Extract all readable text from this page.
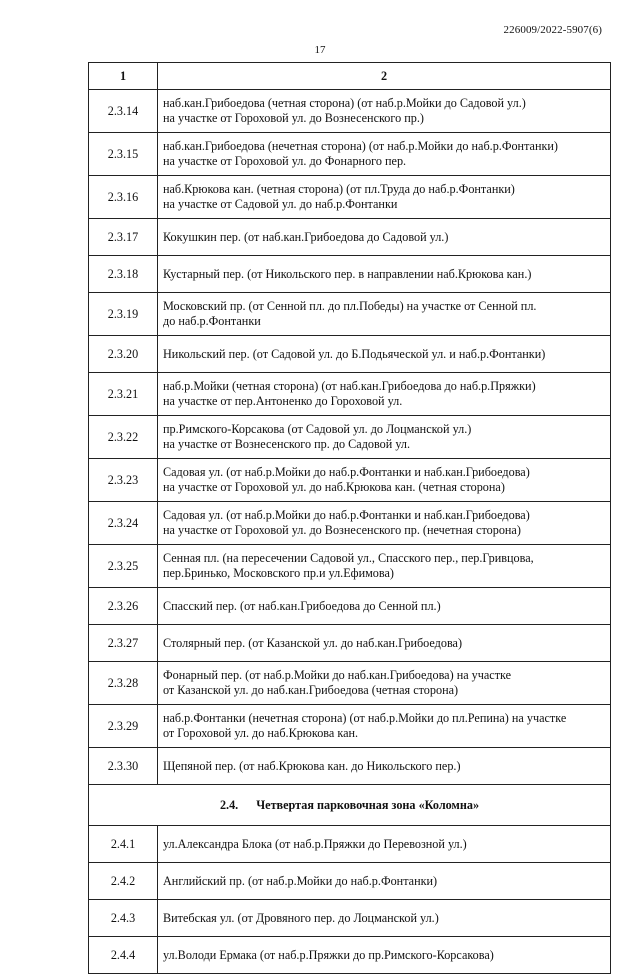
226009/2022-5907(6)
17
1	2
2.3.14	наб.кан.Грибоедова (четная сторона) (от наб.р.Мойки до Садовой ул.)
на участке от Гороховой ул. до Вознесенского пр.)

2.3.15	наб.кан.Грибоедова (нечетная сторона) (от наб.р.Мойки до наб.р.Фонтанки)
на участке от Гороховой ул. до Фонарного пер.

2.3.16	наб.Крюкова кан. (четная сторона) (от пл.Труда до наб.р.Фонтанки)
на участке от Садовой ул. до наб.р.Фонтанки

2.3.17	Кокушкин пер. (от наб.кан.Грибоедова до Садовой ул.)

2.3.18	Кустарный пер. (от Никольского пер. в направлении наб.Крюкова кан.)

2.3.19	Московский пр. (от Сенной пл. до пл.Победы) на участке от Сенной пл.
до наб.р.Фонтанки

2.3.20	Никольский пер. (от Садовой ул. до Б.Подьяческой ул. и наб.р.Фонтанки)

2.3.21	наб.р.Мойки (четная сторона) (от наб.кан.Грибоедова до наб.р.Пряжки)
на участке от пер.Антоненко до Гороховой ул.

2.3.22	пр.Римского-Корсакова (от Садовой ул. до Лоцманской ул.)
на участке от Вознесенского пр. до Садовой ул.

2.3.23	Садовая ул. (от наб.р.Мойки до наб.р.Фонтанки и наб.кан.Грибоедова)
на участке от Гороховой ул. до наб.Крюкова кан. (четная сторона)

2.3.24	Садовая ул. (от наб.р.Мойки до наб.р.Фонтанки и наб.кан.Грибоедова)
на участке от Гороховой ул. до Вознесенского пр. (нечетная сторона)

2.3.25	Сенная пл. (на пересечении Садовой ул., Спасского пер., пер.Гривцова,
пер.Бринько, Московского пр.и ул.Ефимова)

2.3.26	Спасский пер. (от наб.кан.Грибоедова до Сенной пл.)

2.3.27	Столярный пер. (от Казанской ул. до наб.кан.Грибоедова)

2.3.28	Фонарный пер. (от наб.р.Мойки до наб.кан.Грибоедова) на участке
от Казанской ул. до наб.кан.Грибоедова (четная сторона)

2.3.29	наб.р.Фонтанки (нечетная сторона) (от наб.р.Мойки до пл.Репина) на участке
от Гороховой ул. до наб.Крюкова кан.

2.3.30	Щепяной пер. (от наб.Крюкова кан. до Никольского пер.)

2.4. Четвертая парковочная зона «Коломна»	
2.4.1	ул.Александра Блока (от наб.р.Пряжки до Перевозной ул.)

2.4.2	Английский пр. (от наб.р.Мойки до наб.р.Фонтанки)

2.4.3	Витебская ул. (от Дровяного пер. до Лоцманской ул.)

2.4.4	ул.Володи Ермака (от наб.р.Пряжки до пр.Римского-Корсакова)
